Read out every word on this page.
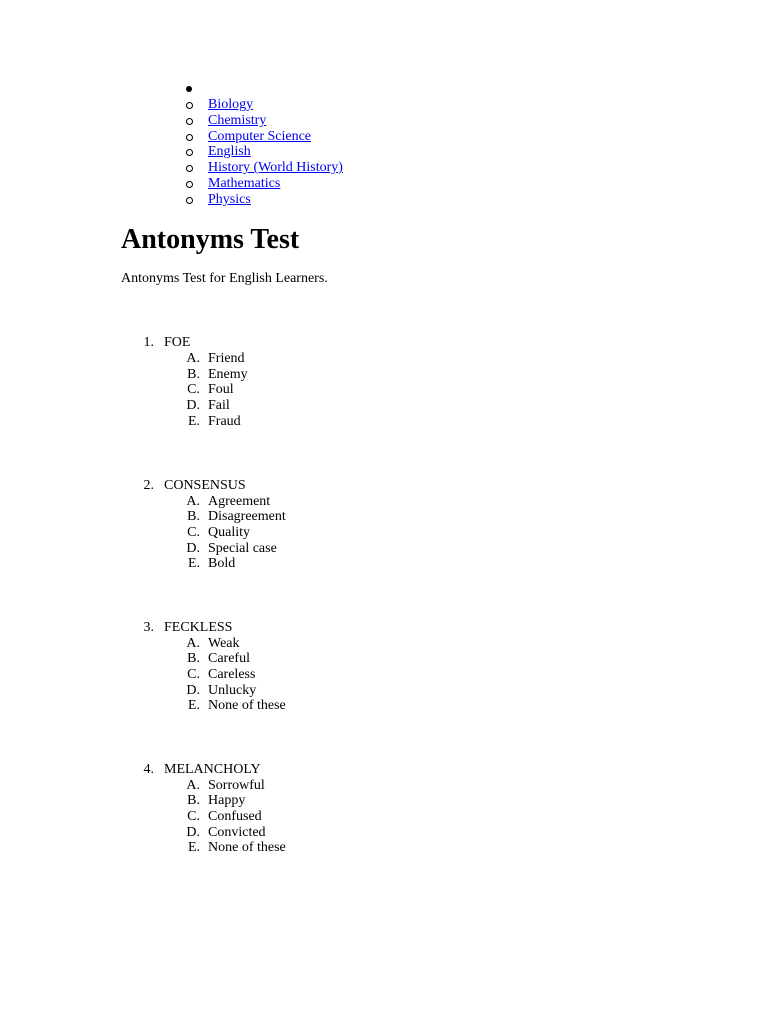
Biology
Chemistry
Computer Science
English
History (World History)
Mathematics
Physics
Antonyms Test

Antonyms Test for English Learners.

1. FOE
A. Friend
B. Enemy
C. Foul
D. Fail
E. Fraud
2. CONSENSUS
A. Agreement
B. Disagreement
C. Quality
D. Special case
E. Bold
3. FECKLESS
A. Weak
B. Careful
C. Careless
D. Unlucky
E. None of these
4. MELANCHOLY
A. Sorrowful
B. Happy
C. Confused
D. Convicted
E. None of these
